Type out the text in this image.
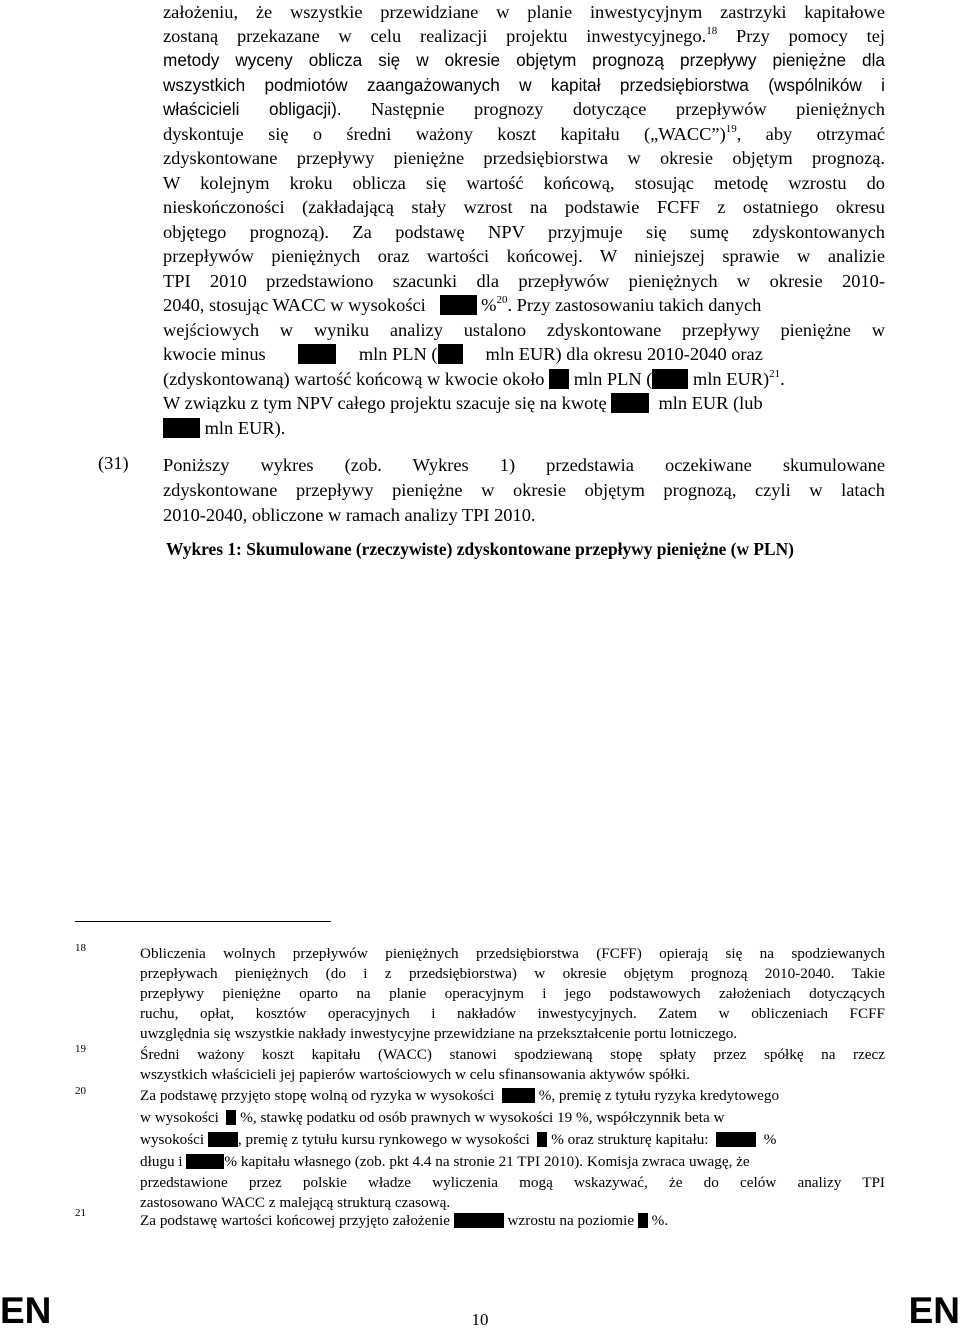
założeniu, że wszystkie przewidziane w planie inwestycyjnym zastrzyki kapitałowe
zostaną przekazane w celu realizacji projektu inwestycyjnego.$^{18}$ Przy pomocy tej
metody wyceny oblicza się w okresie objętym prognozą przepływy pieniężne dla
wszystkich podmiotów zaangażowanych w kapitał przedsiębiorstwa (wspólników i
właścicieli obligacji). Następnie prognozy dotyczące przepływów pieniężnych
dyskontuje się o średni ważony koszt kapitału („WACC”)$^{19}$, aby otrzymać
zdyskontowane przepływy pieniężne przedsiębiorstwa w okresie objętym prognozą.
W kolejnym kroku oblicza się wartość końcową, stosując metodę wzrostu do
nieskończoności (zakładającą stały wzrost na podstawie FCFF z ostatniego okresu
objętego prognozą). Za podstawę NPV przyjmuje się sumę zdyskontowanych
przepływów pieniężnych oraz wartości końcowej. W niniejszej sprawie w analizie
TPI 2010 przedstawiono szacunki dla przepływów pieniężnych w okresie 2010-
2040, stosując WACC w wysokości	%$^{20}$. Przy zastosowaniu takich danych
wejściowych w wyniku analizy ustalono zdyskontowane przepływy pieniężne w
kwocie minus	mln PLN (	mln EUR) dla okresu 2010-2040 oraz
(zdyskontowaną) wartość końcową w kwocie około mln PLN ( mln EUR)$^{21}$.
W związku z tym NPV całego projektu szacuje się na kwotę	mln EUR (lub
mln EUR).
(31) Poniższy wykres (zob. Wykres 1) przedstawia oczekiwane skumulowane
zdyskontowane przepływy pieniężne w okresie objętym prognozą, czyli w latach
2010-2040, obliczone w ramach analizy TPI 2010.
Wykres 1: Skumulowane (rzeczywiste) zdyskontowane przepływy pieniężne (w PLN)
18
19
20
21
Obliczenia wolnych przepływów pieniężnych przedsiębiorstwa (FCFF) opierają się na spodziewanych
przepływach pieniężnych (do i z przedsiębiorstwa) w okresie objętym prognozą 2010-2040. Takie
przepływy pieniężne oparto na planie operacyjnym i jego podstawowych założeniach dotyczących
ruchu, opłat, kosztów operacyjnych i nakładów inwestycyjnych. Zatem w obliczeniach FCFF
uwzględnia się wszystkie nakłady inwestycyjne przewidziane na przekształcenie portu lotniczego.
Średni ważony koszt kapitału (WACC) stanowi spodziewaną stopę spłaty przez spółkę na rzecz
wszystkich właścicieli jej papierów wartościowych w celu sfinansowania aktywów spółki.
Za podstawę przyjęto stopę wolną od ryzyka w wysokości	%, premię z tytułu ryzyka kredytowego
w wysokości %, stawkę podatku od osób prawnych w wysokości 19 %, współczynnik beta w
wysokości , premię z tytułu kursu rynkowego w wysokości % oraz strukturę kapitału:	%
długu i	% kapitału własnego (zob. pkt 4.4 na stronie 21 TPI 2010). Komisja zwraca uwagę, że
przedstawione przez polskie władze wyliczenia mogą wskazywać, że do celów analizy TPI
zastosowano WACC z malejącą strukturą czasową.
Za podstawę wartości końcowej przyjęto założenie	wzrostu na poziomie %.
EN	10	EN
